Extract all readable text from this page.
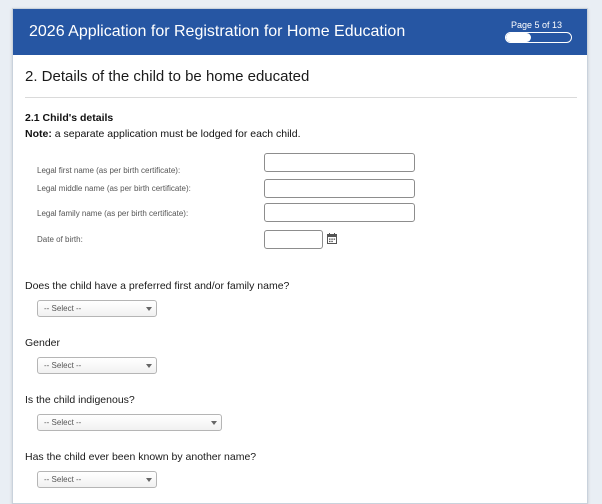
2026 Application for Registration for Home Education	Page 5 of 13
2. Details of the child to be home educated
2.1 Child's details
Note: a separate application must be lodged for each child.
Legal first name (as per birth certificate):
Legal middle name (as per birth certificate):
Legal family name (as per birth certificate):
Date of birth:
Does the child have a preferred first and/or family name?
-- Select --
Gender
-- Select --
Is the child indigenous?
-- Select --
Has the child ever been known by another name?
-- Select --
